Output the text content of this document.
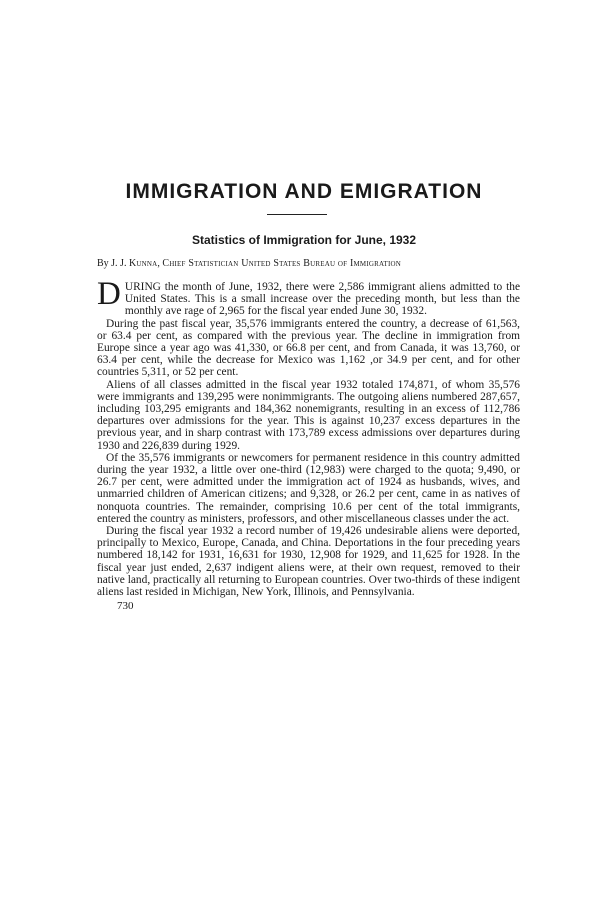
IMMIGRATION AND EMIGRATION
Statistics of Immigration for June, 1932
By J. J. Kunna, Chief Statistician United States Bureau of Immigration

DURING the month of June, 1932, there were 2,586 immigrant aliens admitted to the United States. This is a small increase over the preceding month, but less than the monthly ave rage of 2,965 for the fiscal year ended June 30, 1932.

During the past fiscal year, 35,576 immigrants entered the country, a decrease of 61,563, or 63.4 per cent, as compared with the previous year. The decline in immigration from Europe since a year ago was 41,330, or 66.8 per cent, and from Canada, it was 13,760, or 63.4 per cent, while the decrease for Mexico was 1,162 ,or 34.9 per cent, and for other countries 5,311, or 52 per cent.

Aliens of all classes admitted in the fiscal year 1932 totaled 174,871, of whom 35,576 were immigrants and 139,295 were nonimmigrants. The outgoing aliens numbered 287,657, including 103,295 emigrants and 184,362 nonemigrants, resulting in an excess of 112,786 departures over admissions for the year. This is against 10,237 excess departures in the previous year, and in sharp contrast with 173,789 excess admissions over departures during 1930 and 226,839 during 1929.

Of the 35,576 immigrants or newcomers for permanent residence in this country admitted during the year 1932, a little over one-third (12,983) were charged to the quota; 9,490, or 26.7 per cent, were admitted under the immigration act of 1924 as husbands, wives, and unmarried children of American citizens; and 9,328, or 26.2 per cent, came in as natives of nonquota countries. The remainder, comprising 10.6 per cent of the total immigrants, entered the country as ministers, professors, and other miscellaneous classes under the act.

During the fiscal year 1932 a record number of 19,426 undesirable aliens were deported, principally to Mexico, Europe, Canada, and China. Deportations in the four preceding years numbered 18,142 for 1931, 16,631 for 1930, 12,908 for 1929, and 11,625 for 1928. In the fiscal year just ended, 2,637 indigent aliens were, at their own request, removed to their native land, practically all returning to European countries. Over two-thirds of these indigent aliens last resided in Michigan, New York, Illinois, and Pennsylvania.

730
